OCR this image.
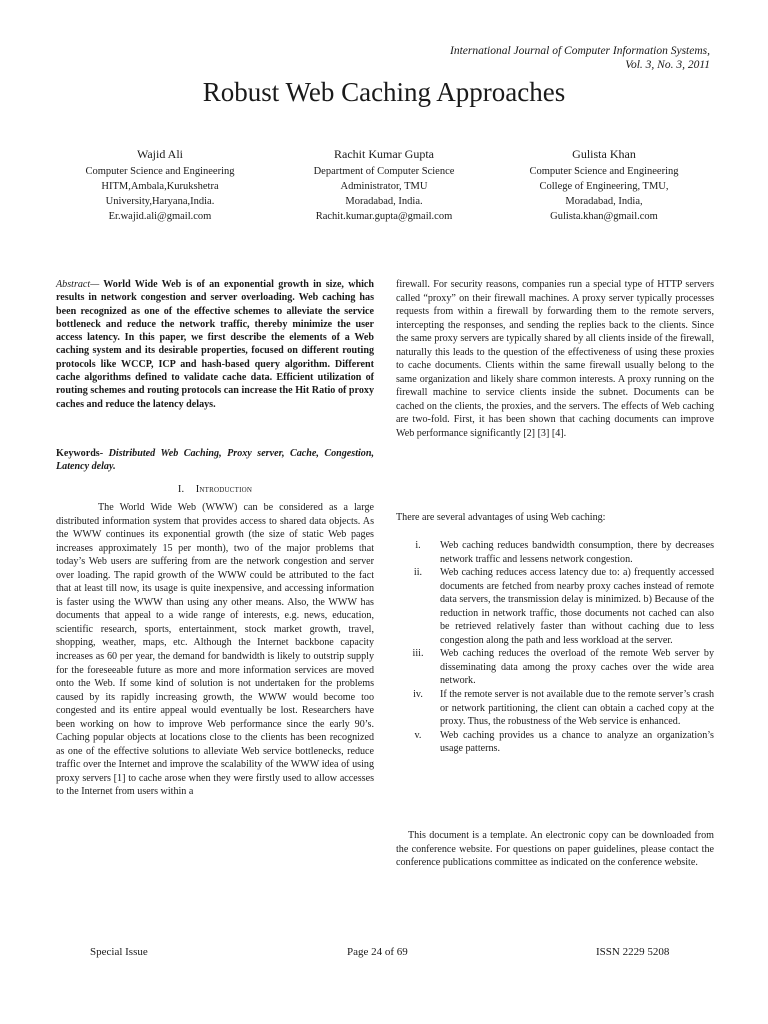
International Journal of Computer Information Systems,
Vol. 3, No. 3, 2011
Robust Web Caching Approaches
Wajid Ali
Computer Science and Engineering
HITM,Ambala,Kurukshetra
University,Haryana,India.
Er.wajid.ali@gmail.com
Rachit Kumar Gupta
Department of Computer Science
Administrator, TMU
Moradabad, India.
Rachit.kumar.gupta@gmail.com
Gulista Khan
Computer Science and Engineering
College of Engineering, TMU,
Moradabad, India,
Gulista.khan@gmail.com
Abstract— World Wide Web is of an exponential growth in size, which results in network congestion and server overloading. Web caching has been recognized as one of the effective schemes to alleviate the service bottleneck and reduce the network traffic, thereby minimize the user access latency. In this paper, we first describe the elements of a Web caching system and its desirable properties, focused on different routing protocols like WCCP, ICP and hash-based query algorithm. Different cache algorithms defined to validate cache data. Efficient utilization of routing schemes and routing protocols can increase the Hit Ratio of proxy caches and reduce the latency delays.
Keywords- Distributed Web Caching, Proxy server, Cache, Congestion, Latency delay.
I. Introduction

The World Wide Web (WWW) can be considered as a large distributed information system that provides access to shared data objects. As the WWW continues its exponential growth (the size of static Web pages increases approximately 15 per month), two of the major problems that today’s Web users are suffering from are the network congestion and server over loading. The rapid growth of the WWW could be attributed to the fact that at least till now, its usage is quite inexpensive, and accessing information is faster using the WWW than using any other means. Also, the WWW has documents that appeal to a wide range of interests, e.g. news, education, scientific research, sports, entertainment, stock market growth, travel, shopping, weather, maps, etc. Although the Internet backbone capacity increases as 60 per year, the demand for bandwidth is likely to outstrip supply for the foreseeable future as more and more information services are moved onto the Web. If some kind of solution is not undertaken for the problems caused by its rapidly increasing growth, the WWW would become too congested and its entire appeal would eventually be lost. Researchers have been working on how to improve Web performance since the early 90’s. Caching popular objects at locations close to the clients has been recognized as one of the effective solutions to alleviate Web service bottlenecks, reduce traffic over the Internet and improve the scalability of the WWW idea of using proxy servers [1] to cache arose when they were firstly used to allow accesses to the Internet from users within a

firewall. For security reasons, companies run a special type of HTTP servers called “proxy” on their firewall machines. A proxy server typically processes requests from within a firewall by forwarding them to the remote servers, intercepting the responses, and sending the replies back to the clients. Since the same proxy servers are typically shared by all clients inside of the firewall, naturally this leads to the question of the effectiveness of using these proxies to cache documents. Clients within the same firewall usually belong to the same organization and likely share common interests. A proxy running on the firewall machine to service clients inside the subnet. Documents can be cached on the clients, the proxies, and the servers. The effects of Web caching are two-fold. First, it has been shown that caching documents can improve Web performance significantly [2] [3] [4].

There are several advantages of using Web caching:

i.	Web caching reduces bandwidth consumption, there by decreases network traffic and lessens network congestion.
ii.	Web caching reduces access latency due to: a) frequently accessed documents are fetched from nearby proxy caches instead of remote data servers, the transmission delay is minimized. b) Because of the reduction in network traffic, those documents not cached can also be retrieved relatively faster than without caching due to less congestion along the path and less workload at the server.
iii.	Web caching reduces the overload of the remote Web server by disseminating data among the proxy caches over the wide area network.
iv.	If the remote server is not available due to the remote server’s crash or network partitioning, the client can obtain a cached copy at the proxy. Thus, the robustness of the Web service is enhanced.
v.	Web caching provides us a chance to analyze an organization’s usage patterns.

This document is a template. An electronic copy can be downloaded from the conference website. For questions on paper guidelines, please contact the conference publications committee as indicated on the conference website.

Special Issue	Page 24 of 69	ISSN 2229 5208
